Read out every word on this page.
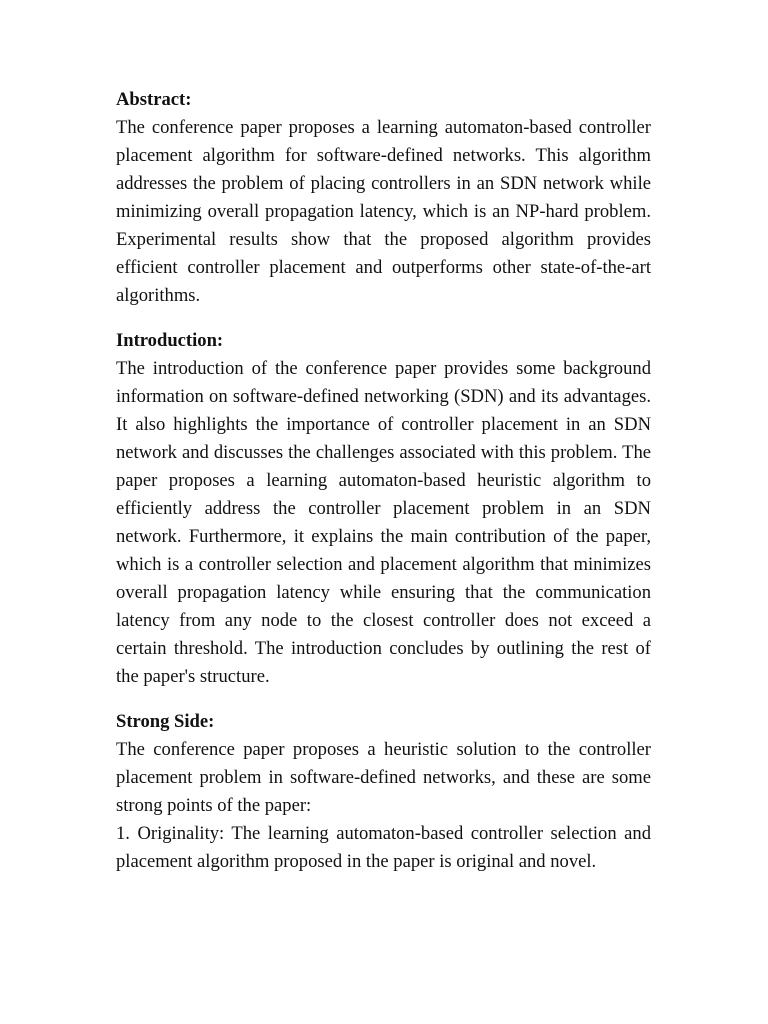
Abstract:

The conference paper proposes a learning automaton-based controller placement algorithm for software-defined networks. This algorithm addresses the problem of placing controllers in an SDN network while minimizing overall propagation latency, which is an NP-hard problem. Experimental results show that the proposed algorithm provides efficient controller placement and outperforms other state-of-the-art algorithms.

Introduction:

The introduction of the conference paper provides some background information on software-defined networking (SDN) and its advantages. It also highlights the importance of controller placement in an SDN network and discusses the challenges associated with this problem. The paper proposes a learning automaton-based heuristic algorithm to efficiently address the controller placement problem in an SDN network. Furthermore, it explains the main contribution of the paper, which is a controller selection and placement algorithm that minimizes overall propagation latency while ensuring that the communication latency from any node to the closest controller does not exceed a certain threshold. The introduction concludes by outlining the rest of the paper's structure.

Strong Side:

The conference paper proposes a heuristic solution to the controller placement problem in software-defined networks, and these are some strong points of the paper:

1. Originality: The learning automaton-based controller selection and placement algorithm proposed in the paper is original and novel.
